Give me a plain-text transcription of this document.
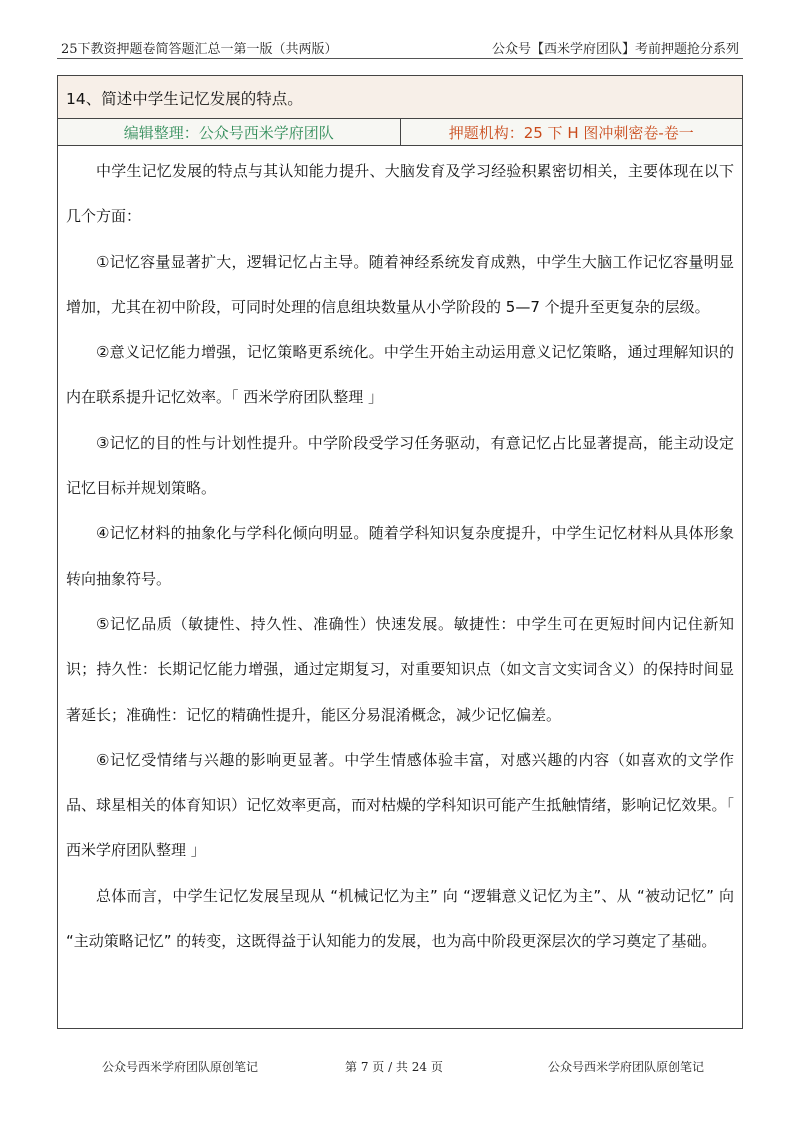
25下教资押题卷简答题汇总一第一版（共两版）	公众号【西米学府团队】考前押题抢分系列
14、简述中学生记忆发展的特点。
编辑整理：公众号西米学府团队	押题机构：25 下 H 图冲刺密卷-卷一

中学生记忆发展的特点与其认知能力提升、大脑发育及学习经验积累密切相关，主要体现在以下几个方面：

①记忆容量显著扩大，逻辑记忆占主导。随着神经系统发育成熟，中学生大脑工作记忆容量明显增加，尤其在初中阶段，可同时处理的信息组块数量从小学阶段的 5—7 个提升至更复杂的层级。

②意义记忆能力增强，记忆策略更系统化。中学生开始主动运用意义记忆策略，通过理解知识的内在联系提升记忆效率。「 西米学府团队整理 」

③记忆的目的性与计划性提升。中学阶段受学习任务驱动，有意记忆占比显著提高，能主动设定记忆目标并规划策略。

④记忆材料的抽象化与学科化倾向明显。随着学科知识复杂度提升，中学生记忆材料从具体形象转向抽象符号。

⑤记忆品质（敏捷性、持久性、准确性）快速发展。敏捷性：中学生可在更短时间内记住新知识；持久性：长期记忆能力增强，通过定期复习，对重要知识点（如文言文实词含义）的保持时间显著延长；准确性：记忆的精确性提升，能区分易混淆概念，减少记忆偏差。

⑥记忆受情绪与兴趣的影响更显著。中学生情感体验丰富，对感兴趣的内容（如喜欢的文学作品、球星相关的体育知识）记忆效率更高，而对枯燥的学科知识可能产生抵触情绪，影响记忆效果。「 西米学府团队整理 」

总体而言，中学生记忆发展呈现从 “机械记忆为主” 向 “逻辑意义记忆为主”、从 “被动记忆” 向 “主动策略记忆” 的转变，这既得益于认知能力的发展，也为高中阶段更深层次的学习奠定了基础。

公众号西米学府团队原创笔记	第 7 页 / 共 24 页	公众号西米学府团队原创笔记
